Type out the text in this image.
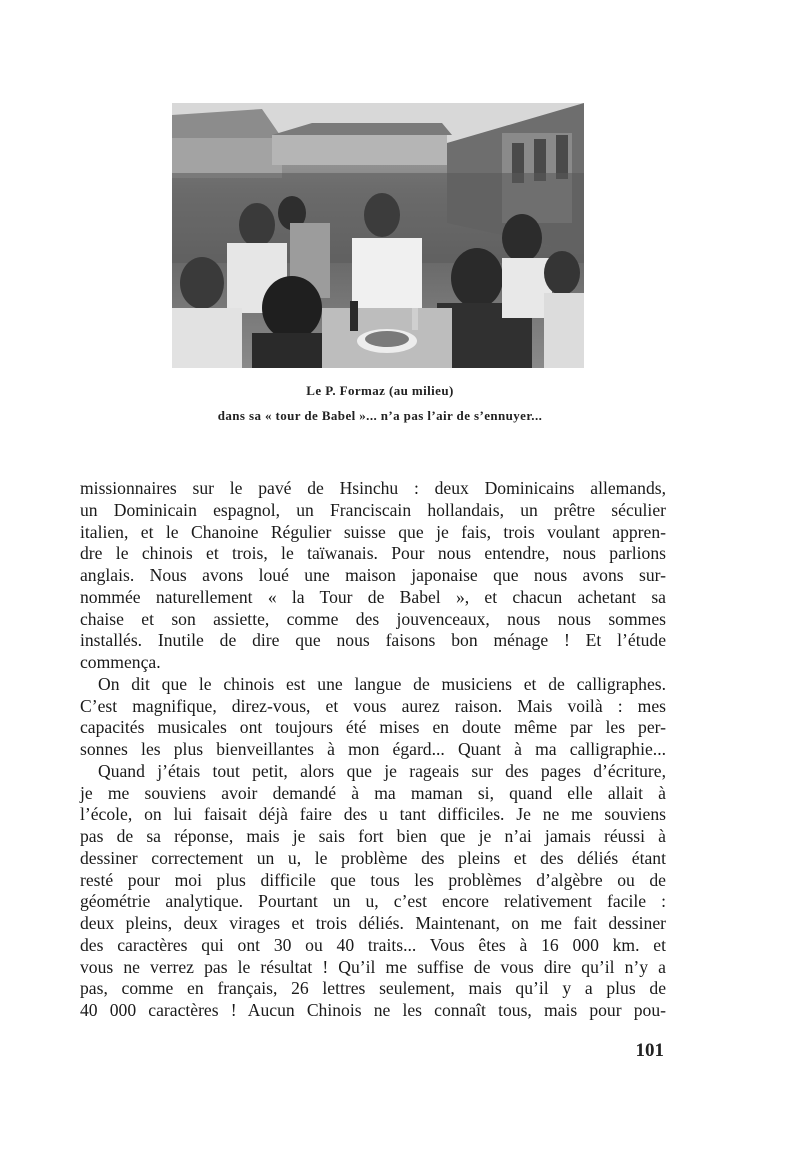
Le P. Formaz (au milieu)
dans sa « tour de Babel »... n’a pas l’air de s’ennuyer...
missionnaires sur le pavé de Hsinchu : deux Dominicains allemands,
un Dominicain espagnol, un Franciscain hollandais, un prêtre séculier
italien, et le Chanoine Régulier suisse que je fais, trois voulant appren-
dre le chinois et trois, le taïwanais. Pour nous entendre, nous parlions
anglais. Nous avons loué une maison japonaise que nous avons sur-
nommée naturellement « la Tour de Babel », et chacun achetant sa
chaise et son assiette, comme des jouvenceaux, nous nous sommes
installés. Inutile de dire que nous faisons bon ménage ! Et l’étude
commença.
On dit que le chinois est une langue de musiciens et de calligraphes.
C’est magnifique, direz-vous, et vous aurez raison. Mais voilà : mes
capacités musicales ont toujours été mises en doute même par les per-
sonnes les plus bienveillantes à mon égard... Quant à ma calligraphie...
Quand j’étais tout petit, alors que je rageais sur des pages d’écriture,
je me souviens avoir demandé à ma maman si, quand elle allait à
l’école, on lui faisait déjà faire des u tant difficiles. Je ne me souviens
pas de sa réponse, mais je sais fort bien que je n’ai jamais réussi à
dessiner correctement un u, le problème des pleins et des déliés étant
resté pour moi plus difficile que tous les problèmes d’algèbre ou de
géométrie analytique. Pourtant un u, c’est encore relativement facile :
deux pleins, deux virages et trois déliés. Maintenant, on me fait dessiner
des caractères qui ont 30 ou 40 traits... Vous êtes à 16 000 km. et
vous ne verrez pas le résultat ! Qu’il me suffise de vous dire qu’il n’y a
pas, comme en français, 26 lettres seulement, mais qu’il y a plus de
40 000 caractères ! Aucun Chinois ne les connaît tous, mais pour pou-
101
